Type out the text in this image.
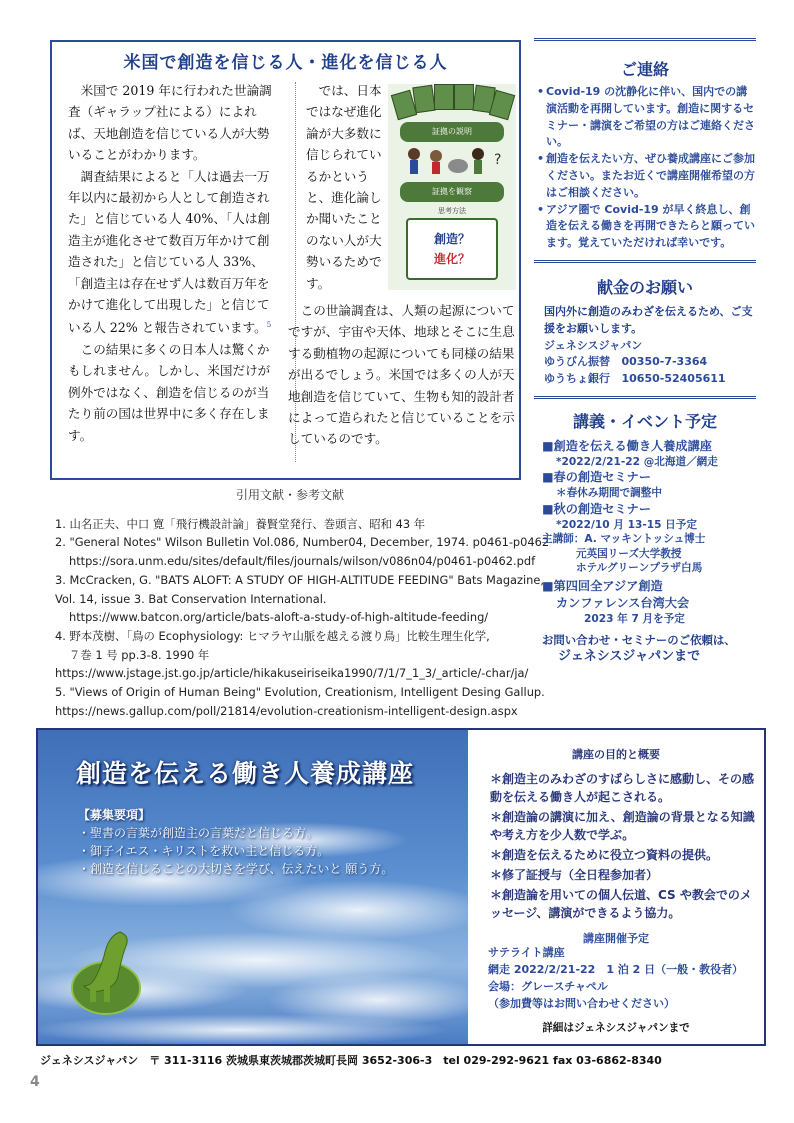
米国で創造を信じる人・進化を信じる人

米国で 2019 年に行われた世論調査（ギャラップ社による）によれば、天地創造を信じている人が大勢いることがわかります。

調査結果によると「人は過去一万年以内に最初から人として創造された」と信じている人 40%、「人は創造主が進化させて数百万年かけて創造された」と信じている人 33%、「創造主は存在せず人は数百万年をかけて進化して出現した」と信じている人 22% と報告されています。$^5$

この結果に多くの日本人は驚くかもしれません。しかし、米国だけが例外ではなく、創造を信じるのが当たり前の国は世界中に多く存在します。

では、日本ではなぜ進化論が大多数に信じられているかというと、進化論しか聞いたことのない人が大勢いるためです。

証拠の説明
?
証拠を観察
思考方法
創造？
進化？

この世論調査は、人類の起源についてですが、宇宙や天体、地球とそこに生息する動植物の起源についても同様の結果が出るでしょう。米国では多くの人が天地創造を信じていて、生物も知的設計者によって造られたと信じていることを示しているのです。

引用文献・参考文献
1. 山名正夫、中口 寛「飛行機設計論」養賢堂発行、巻頭言、昭和 43 年
2. "General Notes" Wilson Bulletin Vol.086, Number04, December, 1974. p0461-p0462
https://sora.unm.edu/sites/default/files/journals/wilson/v086n04/p0461-p0462.pdf
3. McCracken, G. "BATS ALOFT: A STUDY OF HIGH-ALTITUDE FEEDING" Bats Magazine,
Vol. 14, issue 3. Bat Conservation International.
https://www.batcon.org/article/bats-aloft-a-study-of-high-altitude-feeding/
4. 野本茂樹、「鳥の Ecophysiology: ヒマラヤ山脈を越える渡り鳥」比較生理生化学,
７巻 1 号 pp.3-8. 1990 年
https://www.jstage.jst.go.jp/article/hikakuseiriseika1990/7/1/7_1_3/_article/-char/ja/
5. "Views of Origin of Human Being" Evolution, Creationism, Intelligent Desing Gallup.
https://news.gallup.com/poll/21814/evolution-creationism-intelligent-design.aspx
ご連絡
• Covid-19 の沈静化に伴い、国内での講演活動を再開しています。創造に関するセミナー・講演をご希望の方はご連絡ください。
• 創造を伝えたい方、ぜひ養成講座にご参加ください。またお近くで講座開催希望の方はご相談ください。
• アジア圏で Covid-19 が早く終息し、創造を伝える働きを再開できたらと願っています。覚えていただければ幸いです。
献金のお願い
国内外に創造のみわざを伝えるため、ご支援をお願いします。
ジェネシスジャパン
ゆうびん振替 00350-7-3364
ゆうちょ銀行 10650-52405611
講義・イベント予定
■創造を伝える働き人養成講座
*2022/2/21-22 @北海道／網走
■春の創造セミナー
＊春休み期間で調整中
■秋の創造セミナー
*2022/10 月 13-15 日予定
主講師：A. マッキントッシュ博士
元英国リーズ大学教授
ホテルグリーンプラザ白馬
■第四回全アジア創造
カンファレンス台湾大会
2023 年 7 月を予定
お問い合わせ・セミナーのご依頼は、
ジェネシスジャパンまで
創造を伝える働き人養成講座
【募集要項】
・聖書の言葉が創造主の言葉だと信じる方。
・御子イエス・キリストを救い主と信じる方。
・創造を信じることの大切さを学び、伝えたいと 願う方。
講座の目的と概要
＊創造主のみわざのすばらしさに感動し、その感動を伝える働き人が起こされる。
＊創造論の講演に加え、創造論の背景となる知識や考え方を少人数で学ぶ。
＊創造を伝えるために役立つ資料の提供。
＊修了証授与（全日程参加者）
＊創造論を用いての個人伝道、CS や教会でのメッセージ、講演ができるよう協力。
講座開催予定
サテライト講座
網走 2022/2/21-22　1 泊 2 日（一般・教役者）
会場：グレースチャペル
（参加費等はお問い合わせください）
詳細はジェネシスジャパンまで
ジェネシスジャパン　〒 311-3116 茨城県東茨城郡茨城町長岡 3652-306-3　tel 029-292-9621 fax 03-6862-8340
4
